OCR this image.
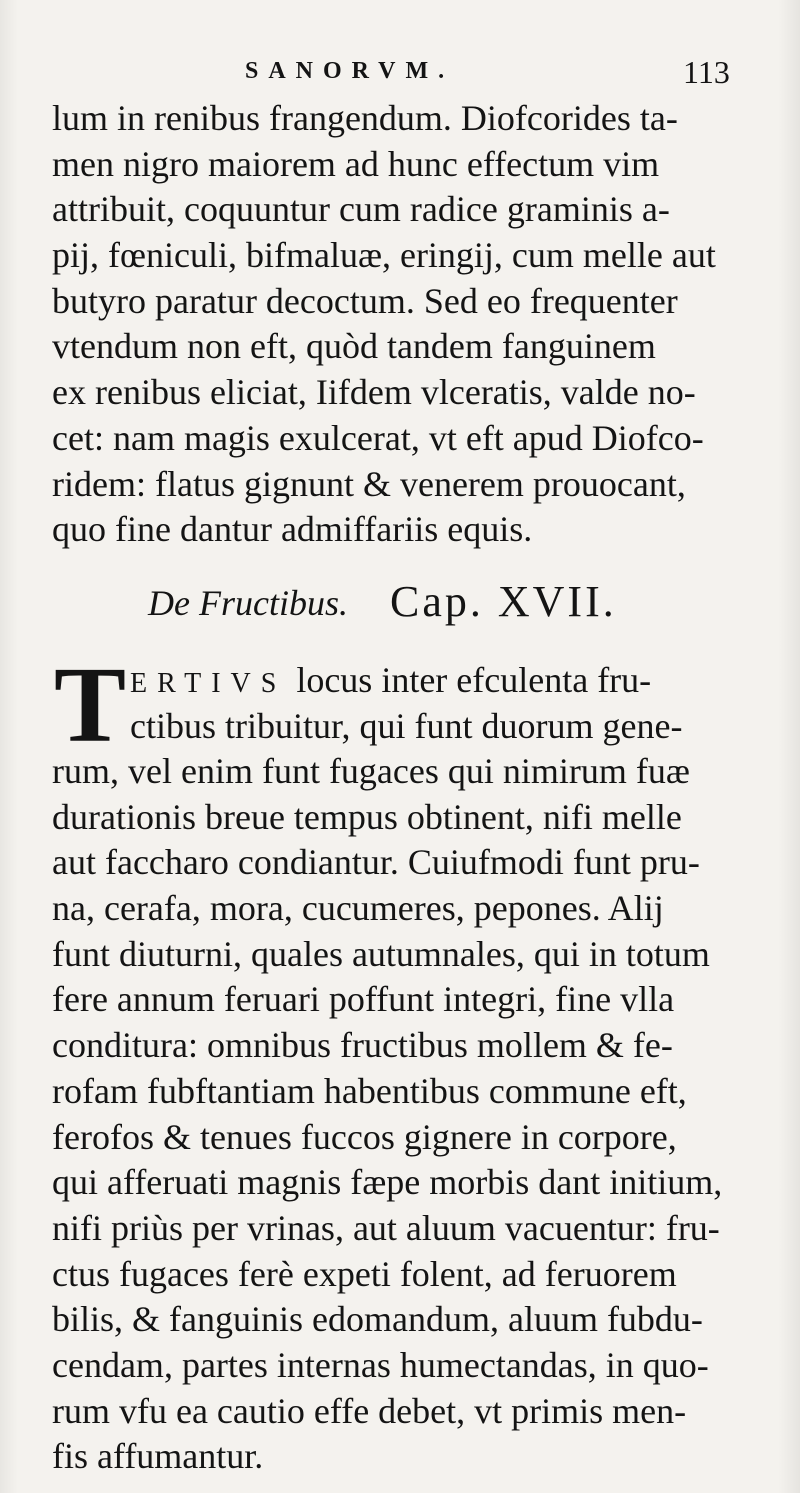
SANORVM.	113
lum in renibus frangendum. Diofcorides ta-
men nigro maiorem ad hunc effectum vim
attribuit, coquuntur cum radice graminis a-
pij, fœniculi, bifmaluæ, eringij, cum melle aut
butyro paratur decoctum. Sed eo frequenter
vtendum non eft, quòd tandem fanguinem
ex renibus eliciat, Iifdem vlceratis, valde no-
cet: nam magis exulcerat, vt eft apud Diofco-
ridem: flatus gignunt & venerem prouocant,
quo fine dantur admiffariis equis.
De Fructibus. Cap. XVII.
T ERTIVS locus inter efculenta fru-
ctibus tribuitur, qui funt duorum gene-
rum, vel enim funt fugaces qui nimirum fuæ
durationis breue tempus obtinent, nifi melle
aut faccharo condiantur. Cuiufmodi funt pru-
na, cerafa, mora, cucumeres, pepones. Alij
funt diuturni, quales autumnales, qui in totum
fere annum feruari poffunt integri, fine vlla
conditura: omnibus fructibus mollem & fe-
rofam fubftantiam habentibus commune eft,
ferofos & tenues fuccos gignere in corpore,
qui afferuati magnis fæpe morbis dant initium,
nifi priùs per vrinas, aut aluum vacuentur: fru-
ctus fugaces ferè expeti folent, ad feruorem
bilis, & fanguinis edomandum, aluum fubdu-
cendam, partes internas humectandas, in quo-
rum vfu ea cautio effe debet, vt primis men-
fis affumantur.
